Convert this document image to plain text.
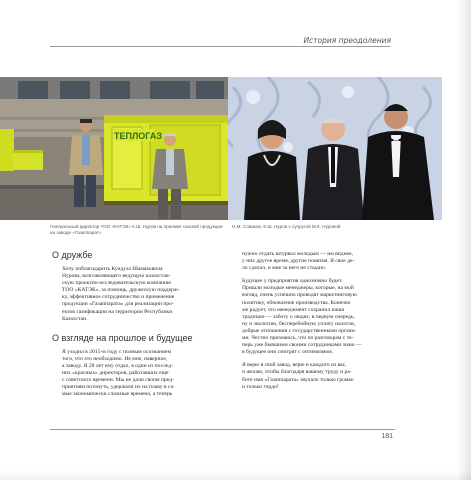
История преодоления
ТЕПЛОГАЗ
Генеральный директор ТОО «КАТЭК» К.Ш. Нуров на приемке газовой продукции на заводе «Газаппарат»
Н.М. Соваков, К.Ш. Нуров с супругой М.К. Нуровой
О дружбе

Хочу поблагодарить Кундуза Шамаковича
Нурова, возглавляющего ведущую казахстан-
скую проектно-исследовательскую компанию
ТОО «КАТЭК», за помощь, дружескую поддерж-
ку, эффективное сотрудничество и применение
продукции «Газаппарата» для реализации про-
ектов газификации на территории Республики
Казахстан.

О взгляде на прошлое и будущее

Я уходил в 2015-м году с полным осознанием
того, что это необходимо. Не мне, наверное,
а заводу. Я 28 лет ему отдал, я один из послед-
них «красных» директоров, работавших еще
с советского времени. Мы не дали своим пред-
приятиям потонуть, удержали их на плаву в са-
мые экономически сложные времена, а теперь

нужно отдать штурвал молодым — им виднее,
у них другое время, другие понятия. Я свое де-
ло сделал, и мне за него не стыдно.

Будущее у предприятия однозначно будет.
Пришли молодые менеджеры, которые, на мой
взгляд, очень успешно проводят маркетинговую
политику, обновление производства. Конечно
же радует, что менеджмент сохранил наши
традиции — заботу о людях, в первую очередь,
ну и экологию, бесперебойную уплату налогов,
добрые отношения с государственными органа-
ми. Честно признаюсь, что по разговорам с те-
перь уже бывшими своими сотрудниками знаю —
в будущее они смотрят с оптимизмом.

Я верю в свой завод, верю в каждого из вас,
и желаю, чтобы благодаря вашему труду и ра-
боте имя «Газаппарата» звучало только громко
и только гордо!

181
